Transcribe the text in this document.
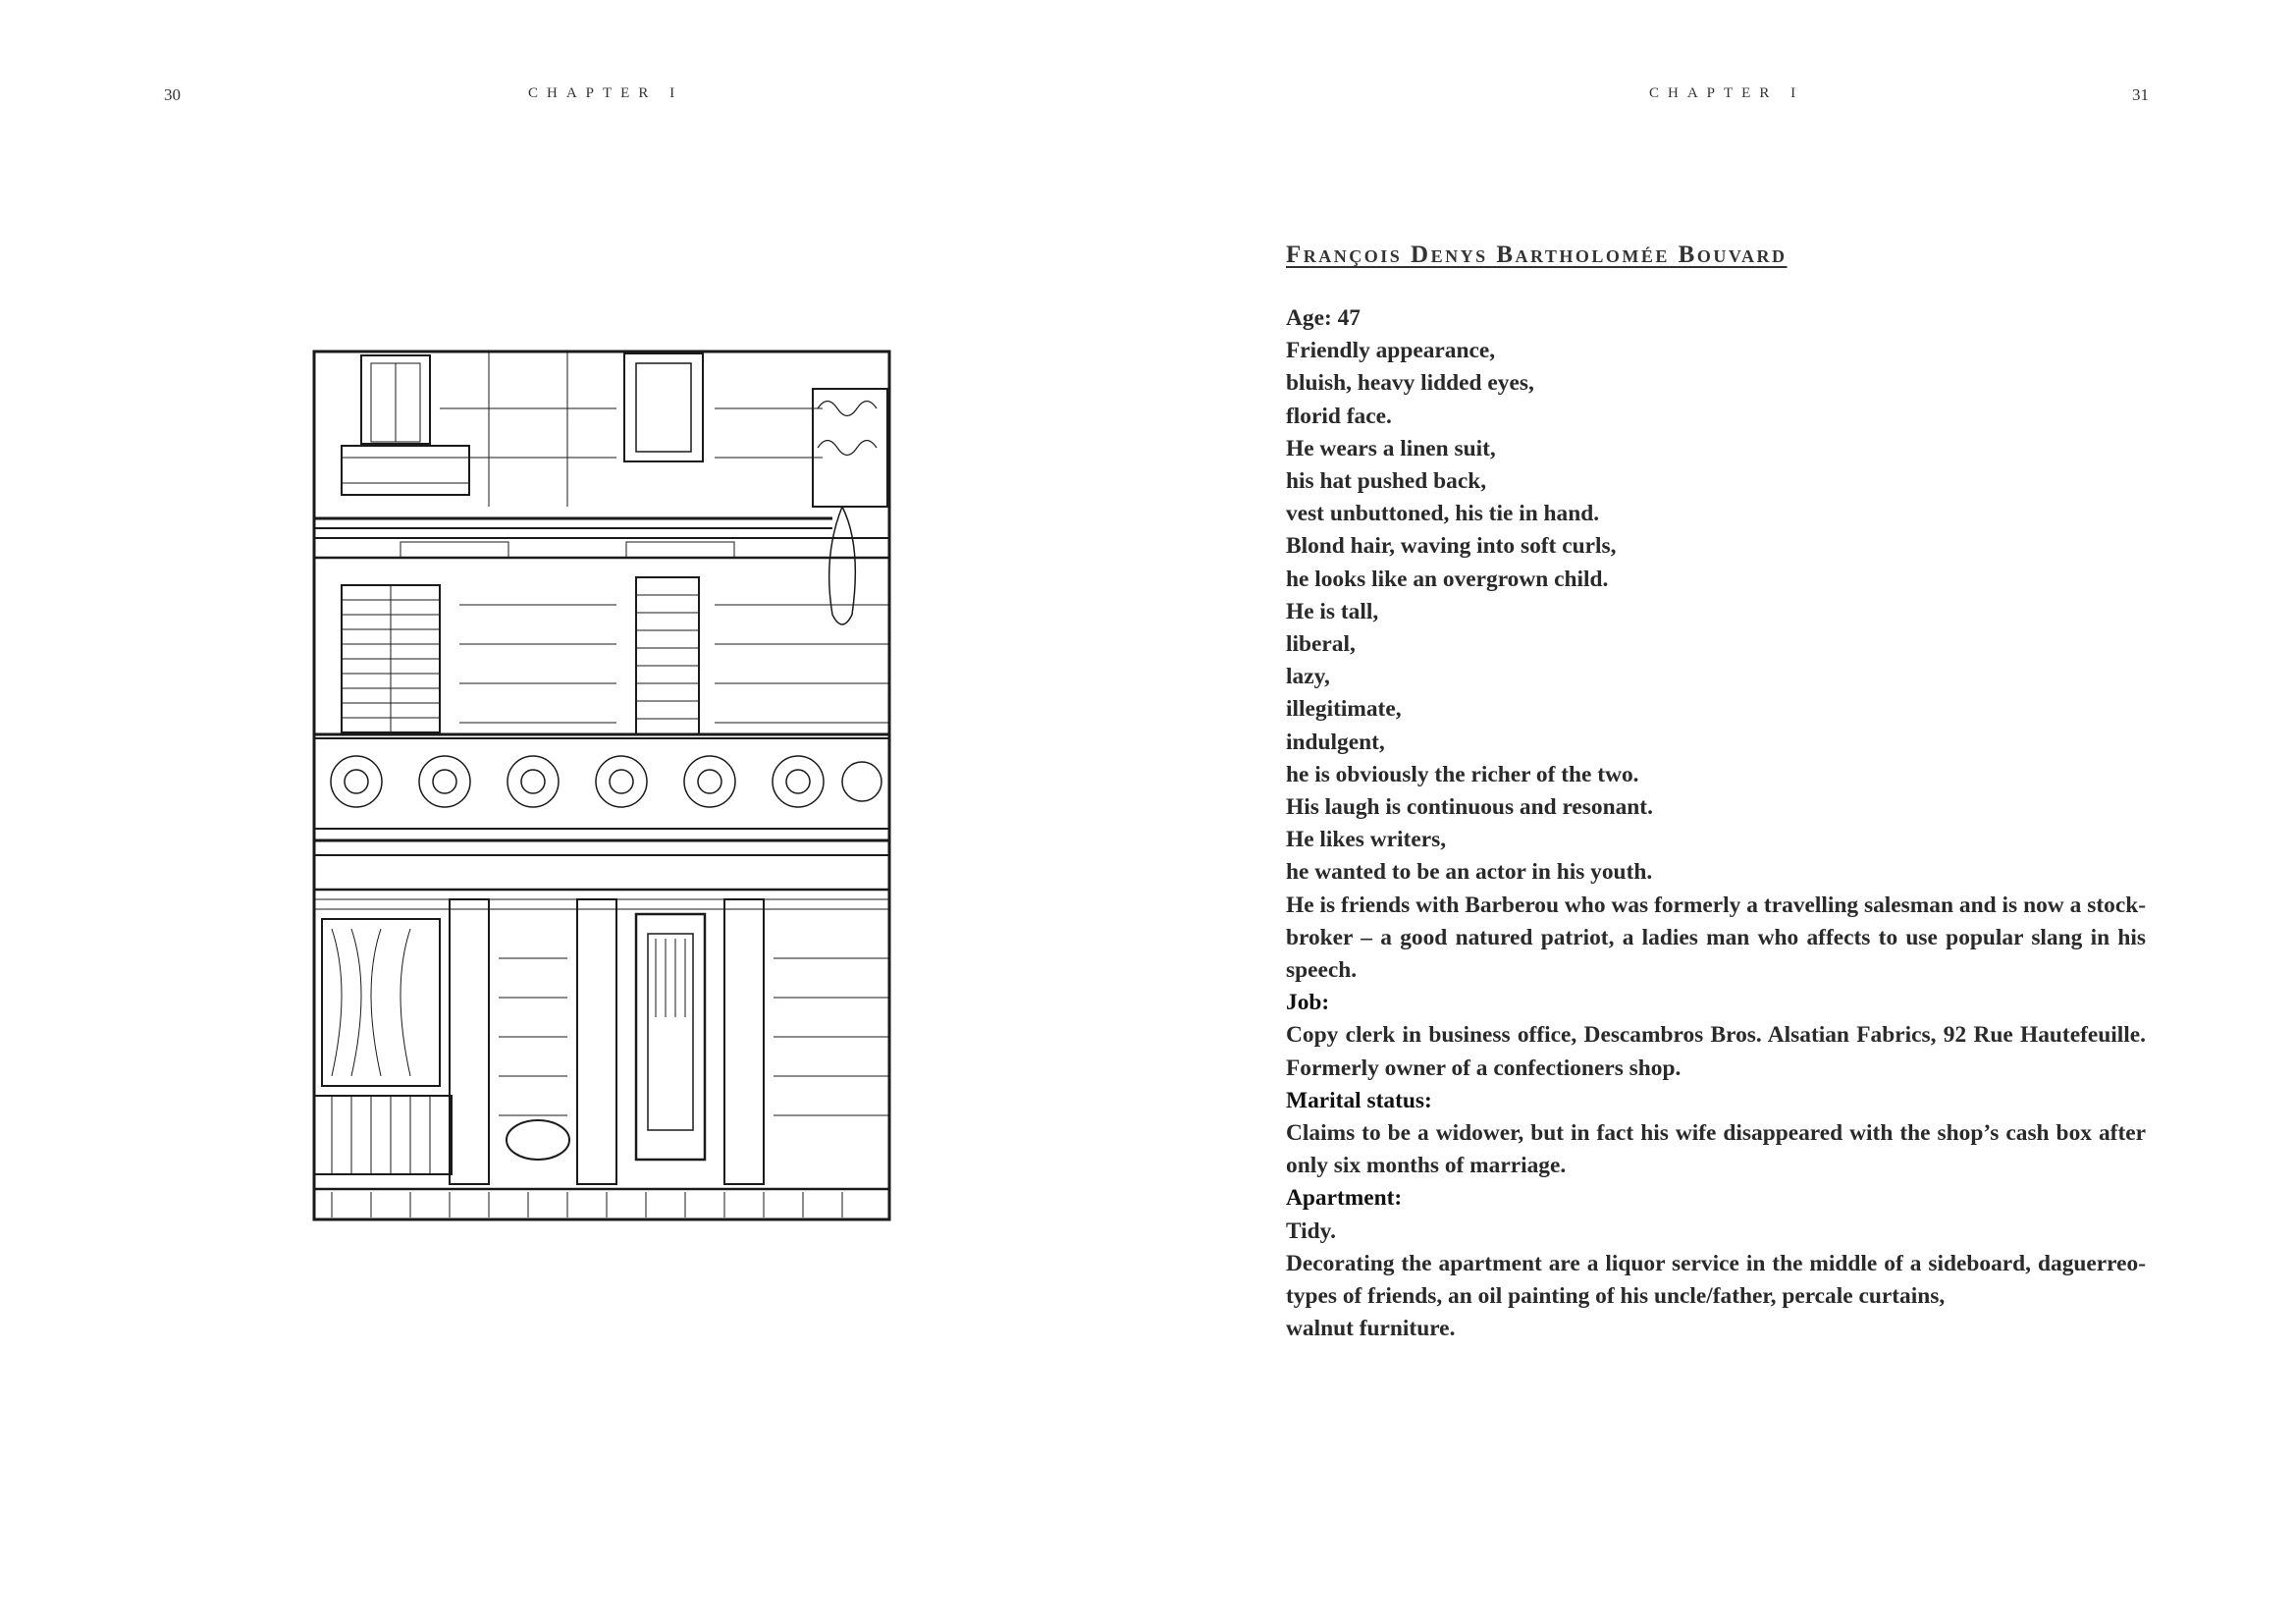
30	CHAPTER I	CHAPTER I	31
François Denys Bartholomée Bouvard
Age: 47
Friendly appearance,
bluish, heavy lidded eyes,
florid face.
He wears a linen suit,
his hat pushed back,
vest unbuttoned, his tie in hand.
Blond hair, waving into soft curls,
he looks like an overgrown child.
He is tall,
liberal,
lazy,
illegitimate,
indulgent,
he is obviously the richer of the two.
His laugh is continuous and resonant.
He likes writers,
he wanted to be an actor in his youth.
He is friends with Barberou who was formerly a travelling salesman and is now a stock-
broker – a good natured patriot, a ladies man who affects to use popular slang in his
speech.
Job:
Copy clerk in business office, Descambros Bros. Alsatian Fabrics, 92 Rue Hautefeuille.
Formerly owner of a confectioners shop.
Marital status:
Claims to be a widower, but in fact his wife disappeared with the shop’s cash box after
only six months of marriage.
Apartment:
Tidy.
Decorating the apartment are a liquor service in the middle of a sideboard, daguerreo-
types of friends, an oil painting of his uncle/father, percale curtains,
walnut furniture.
